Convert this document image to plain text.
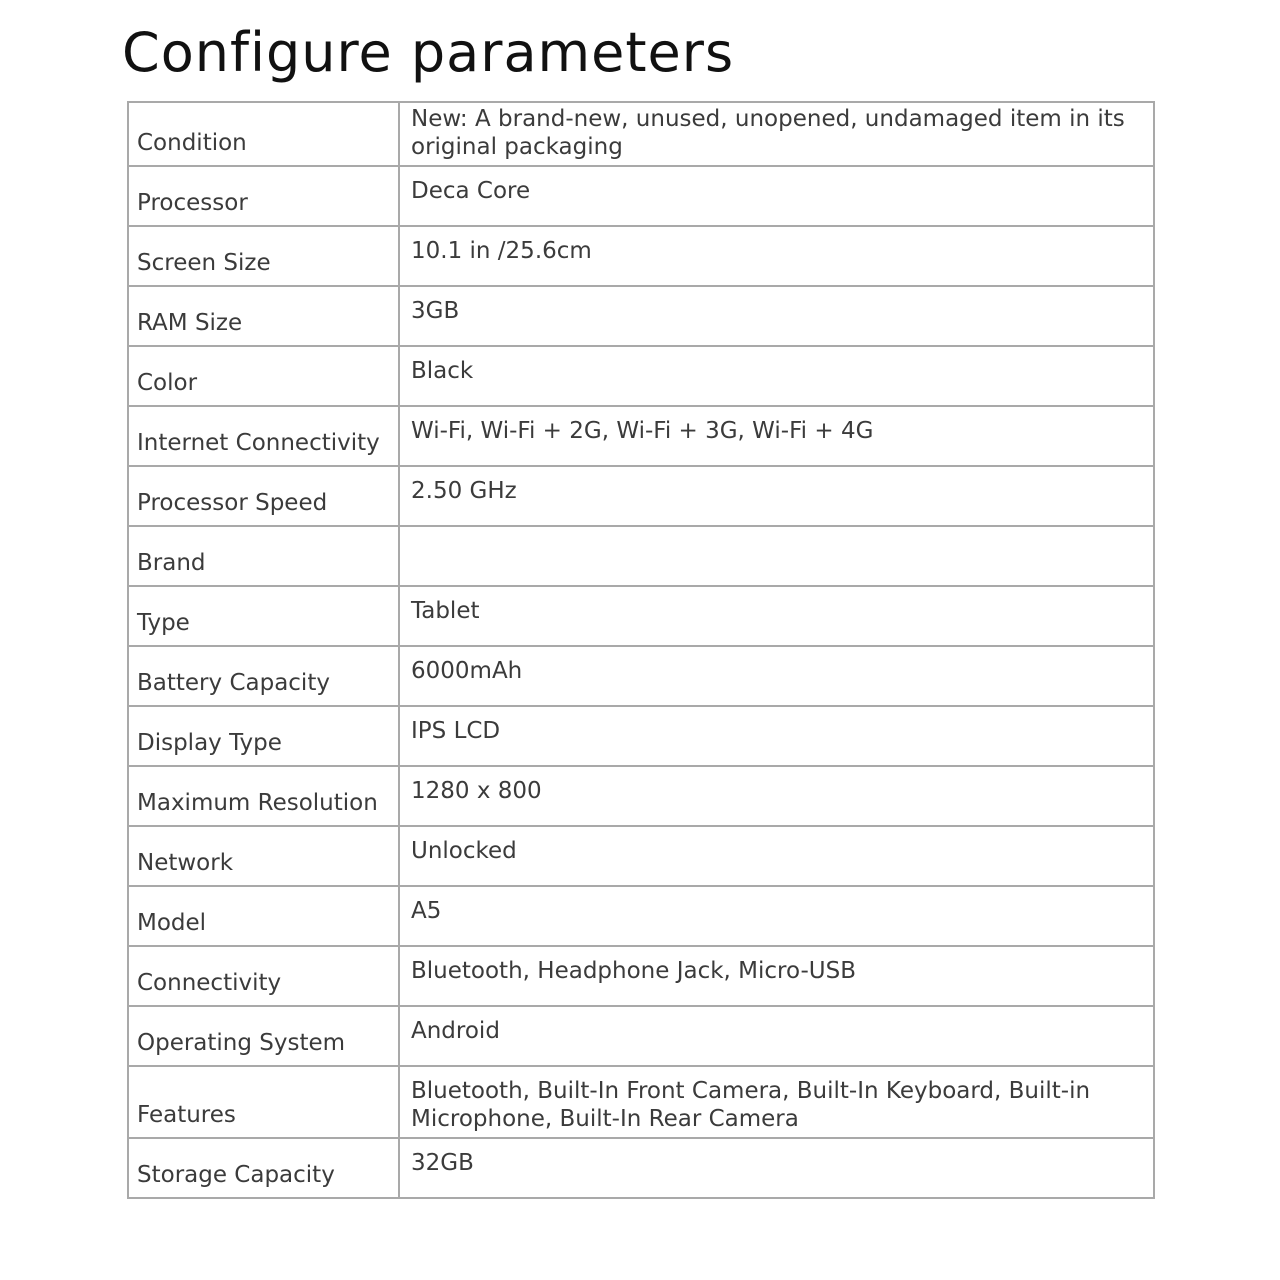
Configure parameters
Condition	New: A brand-new, unused, unopened, undamaged item in its original packaging
Processor	Deca Core
Screen Size	10.1 in /25.6cm
RAM Size	3GB
Color	Black
Internet Connectivity	Wi-Fi, Wi-Fi + 2G, Wi-Fi + 3G, Wi-Fi + 4G
Processor Speed	2.50 GHz
Brand	
Type	Tablet
Battery Capacity	6000mAh
Display Type	IPS LCD
Maximum Resolution	1280 x 800
Network	Unlocked
Model	A5
Connectivity	Bluetooth, Headphone Jack, Micro-USB
Operating System	Android
Features	Bluetooth, Built-In Front Camera, Built-In Keyboard, Built-in Microphone, Built-In Rear Camera
Storage Capacity	32GB
